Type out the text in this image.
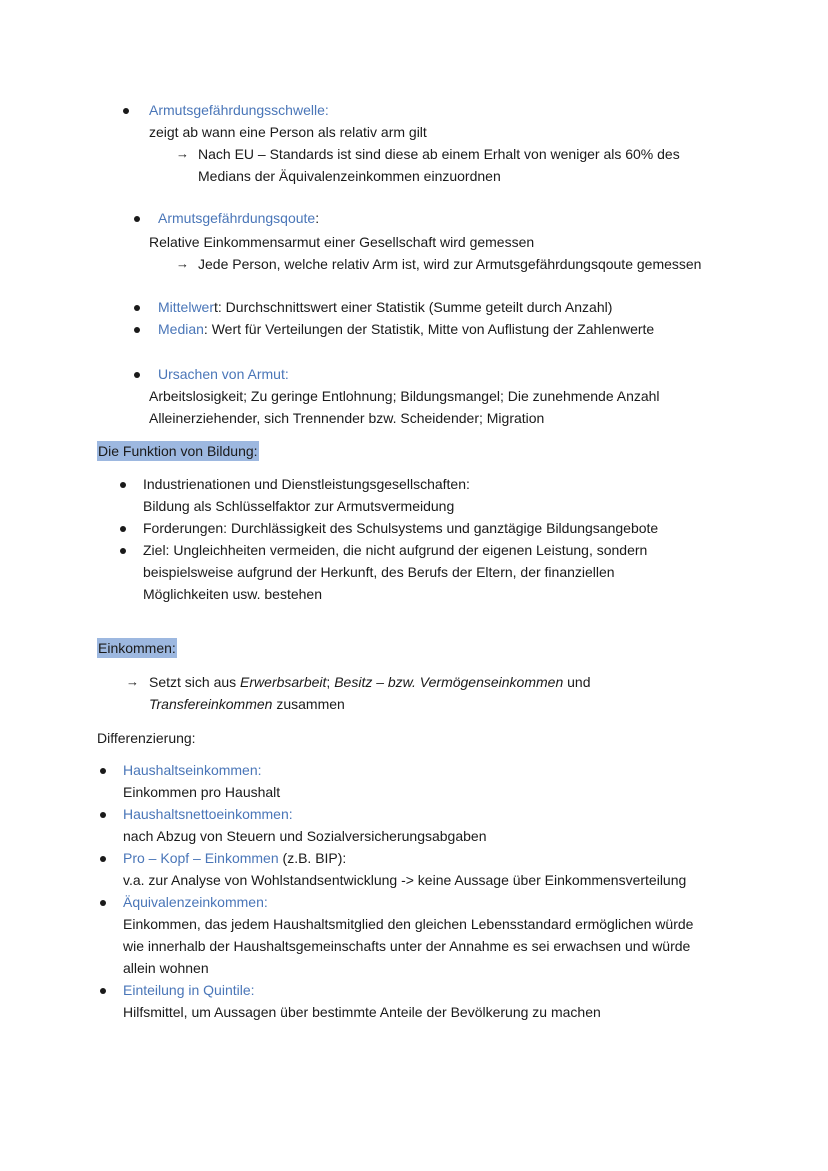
Armutsgefährdungsschwelle:
zeigt ab wann eine Person als relativ arm gilt
→ Nach EU – Standards ist sind diese ab einem Erhalt von weniger als 60% des
Medians der Äquivalenzeinkommen einzuordnen
Armutsgefährdungsqoute:
Relative Einkommensarmut einer Gesellschaft wird gemessen
→ Jede Person, welche relativ Arm ist, wird zur Armutsgefährdungsqoute gemessen
Mittelwert: Durchschnittswert einer Statistik (Summe geteilt durch Anzahl)
Median: Wert für Verteilungen der Statistik, Mitte von Auflistung der Zahlenwerte
Ursachen von Armut:
Arbeitslosigkeit; Zu geringe Entlohnung; Bildungsmangel; Die zunehmende Anzahl
Alleinerziehender, sich Trennender bzw. Scheidender; Migration
Die Funktion von Bildung:
Industrienationen und Dienstleistungsgesellschaften:
Bildung als Schlüsselfaktor zur Armutsvermeidung
Forderungen: Durchlässigkeit des Schulsystems und ganztägige Bildungsangebote
Ziel: Ungleichheiten vermeiden, die nicht aufgrund der eigenen Leistung, sondern
beispielsweise aufgrund der Herkunft, des Berufs der Eltern, der finanziellen
Möglichkeiten usw. bestehen
Einkommen:
→ Setzt sich aus Erwerbsarbeit; Besitz – bzw. Vermögenseinkommen und
Transfereinkommen zusammen
Differenzierung:
Haushaltseinkommen:
Einkommen pro Haushalt
Haushaltsnettoeinkommen:
nach Abzug von Steuern und Sozialversicherungsabgaben
Pro – Kopf – Einkommen (z.B. BIP):
v.a. zur Analyse von Wohlstandsentwicklung -> keine Aussage über Einkommensverteilung
Äquivalenzeinkommen:
Einkommen, das jedem Haushaltsmitglied den gleichen Lebensstandard ermöglichen würde
wie innerhalb der Haushaltsgemeinschafts unter der Annahme es sei erwachsen und würde
allein wohnen
Einteilung in Quintile:
Hilfsmittel, um Aussagen über bestimmte Anteile der Bevölkerung zu machen
